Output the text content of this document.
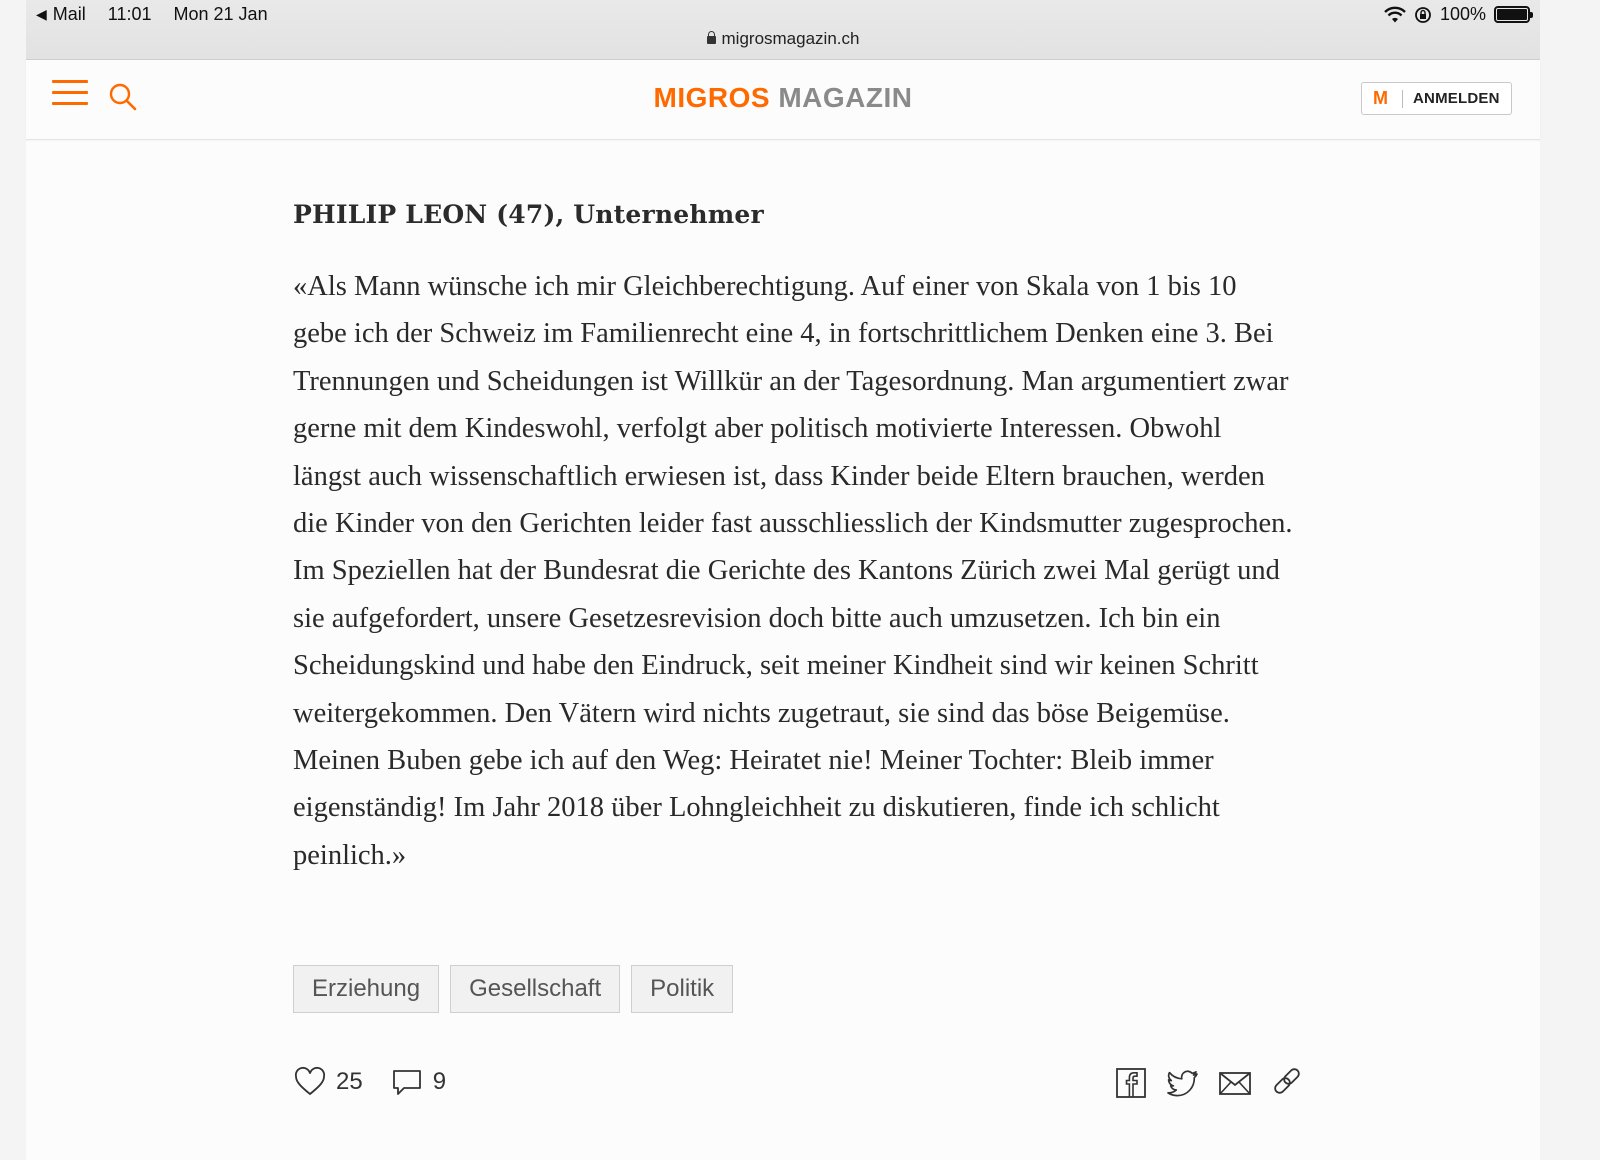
◀ Mail 11:01 Mon 21 Jan	100%
migrosmagazin.ch
MIGROS MAGAZIN	M ANMELDEN
PHILIP LEON (47), Unternehmer

«Als Mann wünsche ich mir Gleichberechtigung. Auf einer von Skala von 1 bis 10 gebe ich der Schweiz im Familienrecht eine 4, in fortschrittlichem Denken eine 3. Bei Trennungen und Scheidungen ist Willkür an der Tagesordnung. Man argumentiert zwar gerne mit dem Kindeswohl, verfolgt aber politisch motivierte Interessen. Obwohl längst auch wissenschaftlich erwiesen ist, dass Kinder beide Eltern brauchen, werden die Kinder von den Gerichten leider fast ausschliesslich der Kindsmutter zugesprochen. Im Speziellen hat der Bundesrat die Gerichte des Kantons Zürich zwei Mal gerügt und sie aufgefordert, unsere Gesetzesrevision doch bitte auch umzusetzen. Ich bin ein Scheidungskind und habe den Eindruck, seit meiner Kindheit sind wir keinen Schritt weitergekommen. Den Vätern wird nichts zugetraut, sie sind das böse Beigemüse. Meinen Buben gebe ich auf den Weg: Heiratet nie! Meiner Tochter: Bleib immer eigenständig! Im Jahr 2018 über Lohngleichheit zu diskutieren, finde ich schlicht peinlich.»

Erziehung	Gesellschaft	Politik
25	9
